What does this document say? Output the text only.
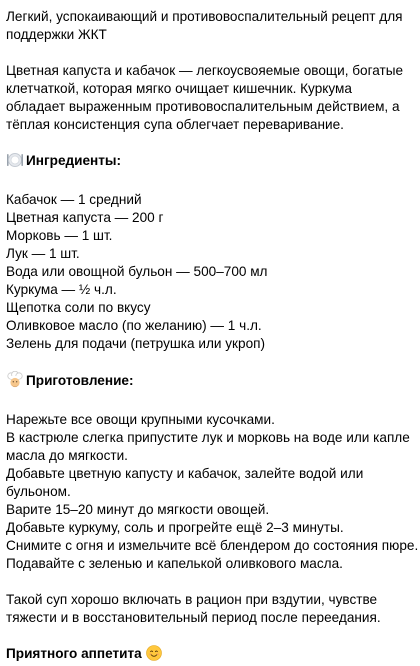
Легкий, успокаивающий и противовоспалительный рецепт для
поддержки ЖКТ
Цветная капуста и кабачок — легкоусвояемые овощи, богатые
клетчаткой, которая мягко очищает кишечник. Куркума
обладает выраженным противовоспалительным действием, а
тёплая консистенция супа облегчает переваривание.
Ингредиенты:
Кабачок — 1 средний
Цветная капуста — 200 г
Морковь — 1 шт.
Лук — 1 шт.
Вода или овощной бульон — 500–700 мл
Куркума — ½ ч.л.
Щепотка соли по вкусу
Оливковое масло (по желанию) — 1 ч.л.
Зелень для подачи (петрушка или укроп)
Приготовление:
Нарежьте все овощи крупными кусочками.
В кастрюле слегка припустите лук и морковь на воде или капле
масла до мягкости.
Добавьте цветную капусту и кабачок, залейте водой или
бульоном.
Варите 15–20 минут до мягкости овощей.
Добавьте куркуму, соль и прогрейте ещё 2–3 минуты.
Снимите с огня и измельчите всё блендером до состояния пюре.
Подавайте с зеленью и капелькой оливкового масла.
Такой суп хорошо включать в рацион при вздутии, чувстве
тяжести и в восстановительный период после переедания.
Приятного аппетита
